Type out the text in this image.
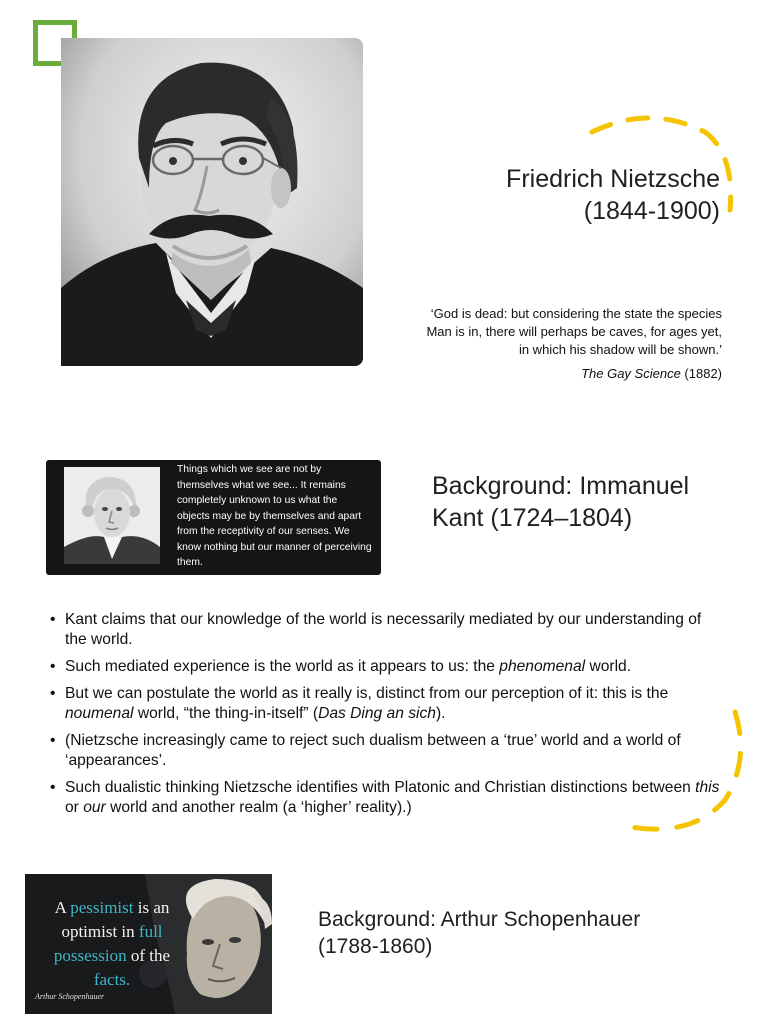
Friedrich Nietzsche
(1844-1900)
‘God is dead: but considering the state the species
Man is in, there will perhaps be caves, for ages yet,
in which his shadow will be shown.’
The Gay Science (1882)
Things which we see are not by themselves what we see... It remains completely unknown to us what the objects may be by themselves and apart from the receptivity of our senses. We know nothing but our manner of perceiving them.
Background: Immanuel
Kant (1724–1804)
• Kant claims that our knowledge of the world is necessarily mediated by our understanding of the world.
• Such mediated experience is the world as it appears to us: the phenomenal world.
• But we can postulate the world as it really is, distinct from our perception of it: this is the noumenal world, “the thing-in-itself” (Das Ding an sich).
• (Nietzsche increasingly came to reject such dualism between a ‘true’ world and a world of ‘appearances’.
• Such dualistic thinking Nietzsche identifies with Platonic and Christian distinctions between this or our world and another realm (a ‘higher’ reality).)
A pessimist is an
optimist in full
possession of the
facts.
Arthur Schopenhauer
Background: Arthur Schopenhauer
(1788-1860)
